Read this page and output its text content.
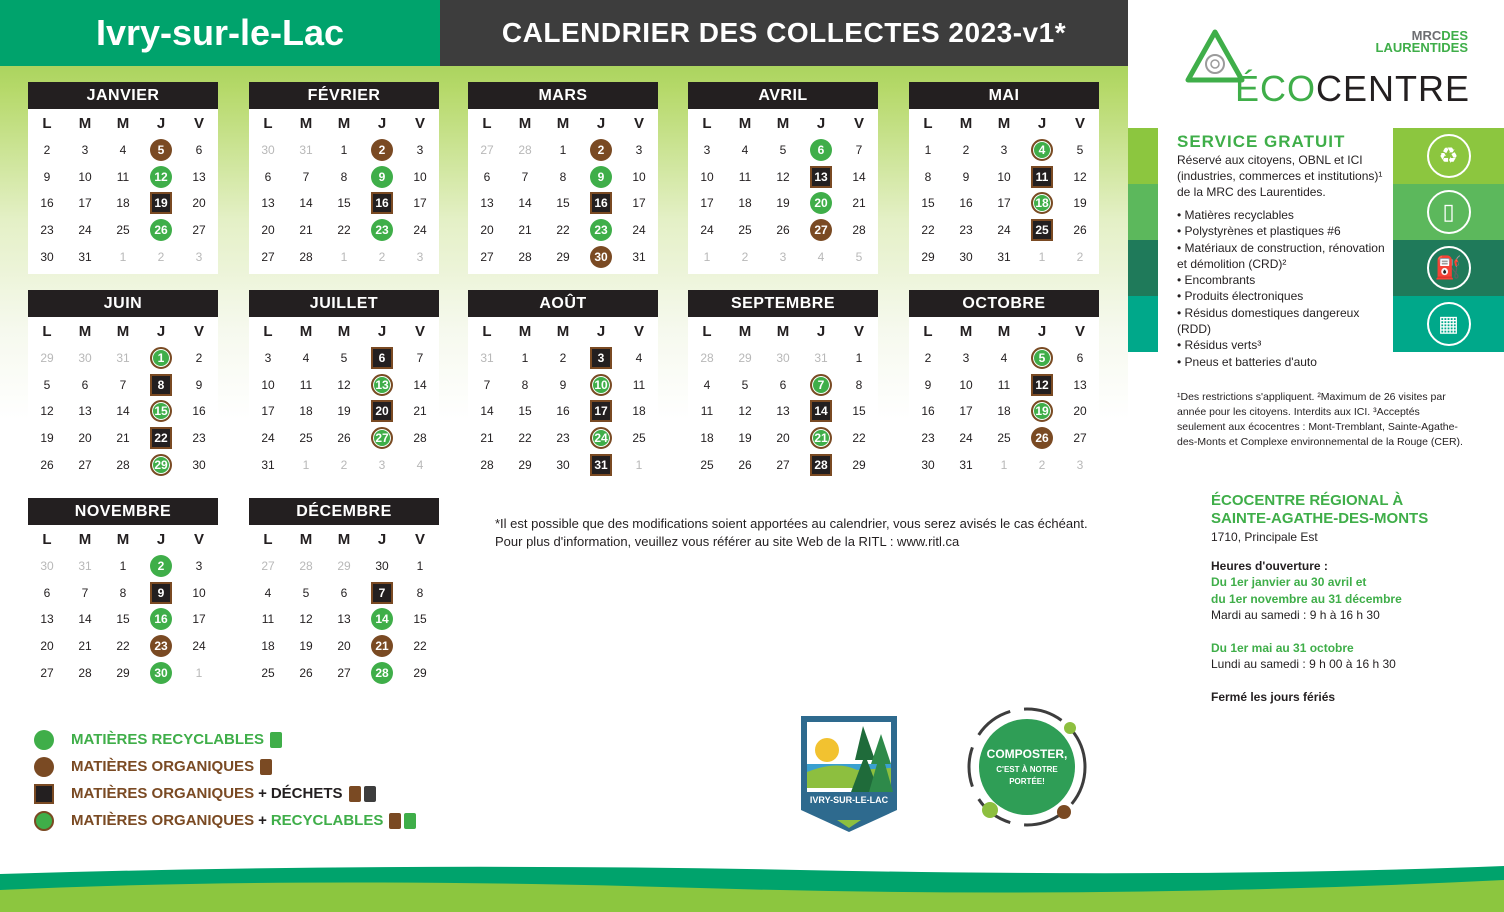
Ivry-sur-le-Lac	CALENDRIER DES COLLECTES 2023-v1*
JANVIER
L	M	M	J	V
2	3	4	5	6
9	10	11	12	13
16	17	18	19	20
23	24	25	26	27
30	31	1	2	3
FÉVRIER
L	M	M	J	V
30	31	1	2	3
6	7	8	9	10
13	14	15	16	17
20	21	22	23	24
27	28	1	2	3
MARS
L	M	M	J	V
27	28	1	2	3
6	7	8	9	10
13	14	15	16	17
20	21	22	23	24
27	28	29	30	31
AVRIL
L	M	M	J	V
3	4	5	6	7
10	11	12	13	14
17	18	19	20	21
24	25	26	27	28
1	2	3	4	5
MAI
L	M	M	J	V
1	2	3	4	5
8	9	10	11	12
15	16	17	18	19
22	23	24	25	26
29	30	31	1	2
JUIN
L	M	M	J	V
29	30	31	1	2
5	6	7	8	9
12	13	14	15	16
19	20	21	22	23
26	27	28	29	30
JUILLET
L	M	M	J	V
3	4	5	6	7
10	11	12	13	14
17	18	19	20	21
24	25	26	27	28
31	1	2	3	4
AOÛT
L	M	M	J	V
31	1	2	3	4
7	8	9	10	11
14	15	16	17	18
21	22	23	24	25
28	29	30	31	1
SEPTEMBRE
L	M	M	J	V
28	29	30	31	1
4	5	6	7	8
11	12	13	14	15
18	19	20	21	22
25	26	27	28	29
OCTOBRE
L	M	M	J	V
2	3	4	5	6
9	10	11	12	13
16	17	18	19	20
23	24	25	26	27
30	31	1	2	3
NOVEMBRE
L	M	M	J	V
30	31	1	2	3
6	7	8	9	10
13	14	15	16	17
20	21	22	23	24
27	28	29	30	1
DÉCEMBRE
L	M	M	J	V
27	28	29	30	1
4	5	6	7	8
11	12	13	14	15
18	19	20	21	22
25	26	27	28	29
*Il est possible que des modifications soient apportées au calendrier, vous serez avisés le cas échéant.
Pour plus d'information, veuillez vous référer au site Web de la RITL : www.ritl.ca
MATIÈRES RECYCLABLES
MATIÈRES ORGANIQUES
MATIÈRES ORGANIQUES + DÉCHETS
MATIÈRES ORGANIQUES + RECYCLABLES
MRCDES
LAURENTIDES
ÉCOCENTRE
♻
▯
⛽
▦
SERVICE GRATUIT
Réservé aux citoyens, OBNL et ICI (industries, commerces et institutions)¹ de la MRC des Laurentides.
• Matières recyclables
• Polystyrènes et plastiques #6
• Matériaux de construction, rénovation et démolition (CRD)²
• Encombrants
• Produits électroniques
• Résidus domestiques dangereux (RDD)
• Résidus verts³
• Pneus et batteries d'auto
¹Des restrictions s'appliquent. ²Maximum de 26 visites par année pour les citoyens. Interdits aux ICI. ³Acceptés seulement aux écocentres : Mont-Tremblant, Sainte-Agathe-des-Monts et Complexe environnemental de la Rouge (CER).
ÉCOCENTRE RÉGIONAL À
SAINTE-AGATHE-DES-MONTS
1710, Principale Est
Heures d'ouverture :
Du 1er janvier au 30 avril et
du 1er novembre au 31 décembre
Mardi au samedi : 9 h à 16 h 30
Du 1er mai au 31 octobre
Lundi au samedi : 9 h 00 à 16 h 30
Fermé les jours fériés
IVRY-SUR-LE-LAC
COMPOSTER,
C'EST À NOTRE
PORTÉE!
